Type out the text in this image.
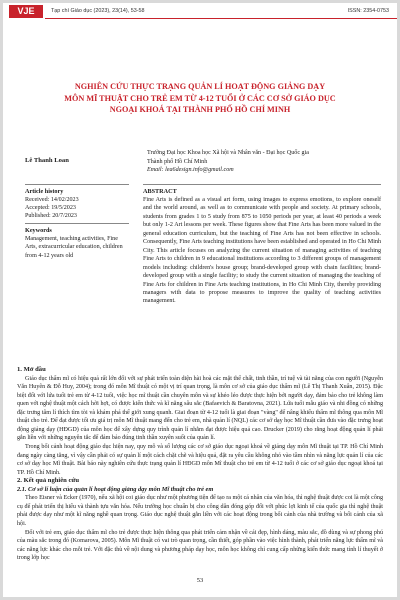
VJE	Tạp chí Giáo dục (2023), 23(14), 53-58	ISSN: 2354-0753
NGHIÊN CỨU THỰC TRẠNG QUẢN LÍ HOẠT ĐỘNG GIẢNG DẠY
MÔN MĨ THUẬT CHO TRẺ EM TỪ 4-12 TUỔI Ở CÁC CƠ SỞ GIÁO DỤC
NGOẠI KHOÁ TẠI THÀNH PHỐ HỒ CHÍ MINH
Lê Thanh Loan
Trường Đại học Khoa học Xã hội và Nhân văn - Đại học Quốc gia
Thành phố Hồ Chí Minh
Email: lea6design.info@gmail.com
Article history
Received: 14/02/2023
Accepted: 19/5/2023
Published: 20/7/2023
Keywords
Management, teaching activities, Fine Arts, extracurricular education, children from 4-12 years old
ABSTRACT
Fine Arts is defined as a visual art form, using images to express emotions, to explore oneself and the world around, as well as to communicate with people and society. At primary schools, students from grades 1 to 5 study from 875 to 1050 periods per year, at least 40 periods a week but only 1-2 Art lessons per week. These figures show that Fine Arts has been more valued in the general education curriculum, but the teaching of Fine Arts has not been effective in schools. Consequently, Fine Arts teaching institutions have been established and operated in Ho Chi Minh City. This article focuses on analyzing the current situation of managing activities of teaching Fine Arts to children in 9 educational institutions according to 3 different groups of management models including: children's house group; brand-developed group with chain facilities; brand-developed group with a single facility; to study the current situation of managing the teaching of Fine Arts for children in Fine Arts teaching institutions, in Ho Chi Minh City, thereby providing managers with data to propose measures to improve the quality of teaching activities management.
1. Mở đầu
Giáo dục thẩm mĩ có hiệu quả rất lớn đối với sự phát triển toàn diện hài hoà các mặt thể chất, tinh thần, trí tuệ và tài năng của con người (Nguyễn Văn Huyên & Đỗ Huy, 2004); trong đó môn Mĩ thuật có một vị trí quan trọng, là môn cơ sở của giáo dục thẩm mĩ (Lê Thị Thanh Xuân, 2015). Đặc biệt đối với lứa tuổi trẻ em từ 4-12 tuổi, việc học mĩ thuật cần chuyên môn và sự khéo léo được thực hiện bởi người dạy, đảm bảo cho trẻ không làm quen với nghệ thuật một cách hời hợt, có được kiến thức và kĩ năng sâu sắc (Bafaevich & Baratovna, 2021). Lứa tuổi mẫu giáo và nhi đồng có những đặc trưng tâm lí thích tìm tòi và khám phá thế giới xung quanh. Giai đoạn từ 4-12 tuổi là giai đoạn "vàng" để nâng khiếu thẩm mĩ thông qua môn Mĩ thuật cho trẻ. Để đạt được tối ưu giá trị môn Mĩ thuật mang đến cho trẻ em, nhà quản lí (NQL) các cơ sở dạy học Mĩ thuật cần đưa vào đặc trưng hoạt động giảng dạy (HĐGD) của môn học để xây dựng quy trình quản lí nhằm đạt được hiệu quả cao. Drucker (2019) cho rằng hoạt động quản lí phải gắn liền với những nguyên tắc để đảm bảo đúng tinh thần xuyên suốt của quản lí.
Trong bối cảnh hoạt động giáo dục hiện nay, quy mô và số lượng các cơ sở giáo dục ngoại khoá về giảng dạy môn Mĩ thuật tại TP. Hồ Chí Minh đang ngày càng tăng, vì vậy cần phải có sự quản lí một cách chặt chẽ và hiệu quả, đặt ra yêu cầu không nhỏ vào tầm nhìn và năng lực quản lí của các cơ sở dạy học Mĩ thuật. Bài báo này nghiên cứu thực trạng quản lí HĐGD môn Mĩ thuật cho trẻ em từ 4-12 tuổi ở các cơ sở giáo dục ngoại khoá tại TP. Hồ Chí Minh.
2. Kết quả nghiên cứu
2.1. Cơ sở lí luận của quản lí hoạt động giảng dạy môn Mĩ thuật cho trẻ em
Theo Eisner và Ecker (1970), nếu xã hội coi giáo dục như một phương tiện để tạo ra một cá nhân của văn hóa, thì nghệ thuật được coi là một công cụ để phát triển thị hiếu và thành tựu văn hóa. Nếu trường học chuẩn bị cho công dân đóng góp đối với phúc lợi kinh tế của quốc gia thì nghệ thuật phải được dạy như một kĩ năng nghề quan trọng. Giáo dục nghệ thuật gắn liền với các hoạt động trong bối cảnh của nhà trường và bối cảnh của xã hội.
Đối với trẻ em, giáo dục thẩm mĩ cho trẻ được thực hiện thông qua phát triển cảm nhận về cái đẹp, hình dáng, màu sắc, đồ dùng và sự phong phú của màu sắc trong đó (Komarova, 2005). Môn Mĩ thuật có vai trò quan trọng, cần thiết, góp phần vào việc hình thành, phát triển năng lực thẩm mĩ và các năng lực khác cho mỗi trẻ. Với đặc thù về nội dung và phương pháp dạy học, môn học không chỉ cung cấp những kiến thức mang tính lí thuyết ở trong lớp học
53
